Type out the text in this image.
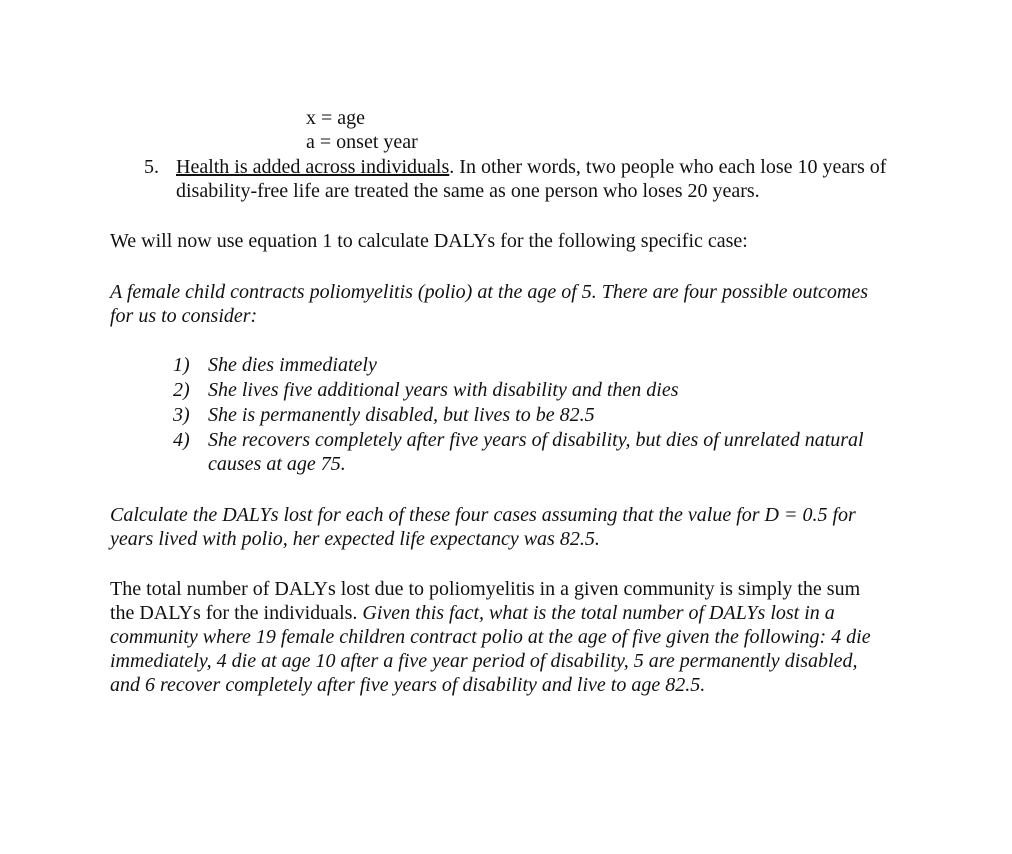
x = age
a = onset year
5. Health is added across individuals. In other words, two people who each lose 10 years of
disability-free life are treated the same as one person who loses 20 years.
We will now use equation 1 to calculate DALYs for the following specific case:
A female child contracts poliomyelitis (polio) at the age of 5. There are four possible outcomes
for us to consider:
1) She dies immediately
2) She lives five additional years with disability and then dies
3) She is permanently disabled, but lives to be 82.5
4) She recovers completely after five years of disability, but dies of unrelated natural
causes at age 75.
Calculate the DALYs lost for each of these four cases assuming that the value for D = 0.5 for
years lived with polio, her expected life expectancy was 82.5.
The total number of DALYs lost due to poliomyelitis in a given community is simply the sum
the DALYs for the individuals. Given this fact, what is the total number of DALYs lost in a
community where 19 female children contract polio at the age of five given the following: 4 die
immediately, 4 die at age 10 after a five year period of disability, 5 are permanently disabled,
and 6 recover completely after five years of disability and live to age 82.5.
